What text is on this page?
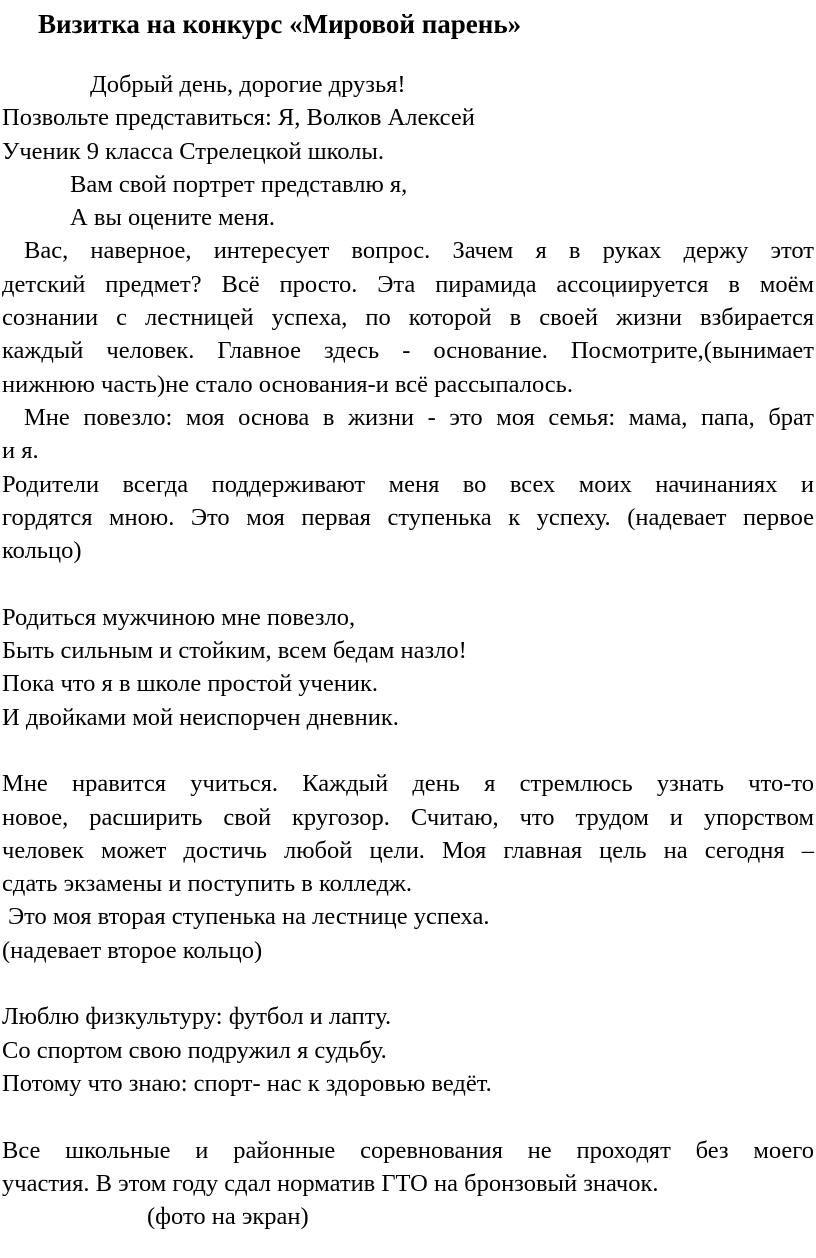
Визитка на конкурс «Мировой парень»
Добрый день, дорогие друзья!
Позвольте представиться: Я, Волков Алексей
Ученик 9 класса Стрелецкой школы.
Вам свой портрет представлю я,
А вы оцените меня.
Вас, наверное, интересует вопрос. Зачем я в руках держу этот
детский предмет? Всё просто. Эта пирамида ассоциируется в моём
сознании с лестницей успеха, по которой в своей жизни взбирается
каждый человек. Главное здесь - основание. Посмотрите,(вынимает
нижнюю часть)не стало основания-и всё рассыпалось.
Мне повезло: моя основа в жизни - это моя семья: мама, папа, брат
и я.
Родители всегда поддерживают меня во всех моих начинаниях и
гордятся мною. Это моя первая ступенька к успеху. (надевает первое
кольцо)
Родиться мужчиною мне повезло,
Быть сильным и стойким, всем бедам назло!
Пока что я в школе простой ученик.
И двойками мой неиспорчен дневник.
Мне нравится учиться. Каждый день я стремлюсь узнать что-то
новое, расширить свой кругозор. Считаю, что трудом и упорством
человек может достичь любой цели. Моя главная цель на сегодня –
сдать экзамены и поступить в колледж.
Это моя вторая ступенька на лестнице успеха.
(надевает второе кольцо)
Люблю физкультуру: футбол и лапту.
Со спортом свою подружил я судьбу.
Потому что знаю: спорт- нас к здоровью ведёт.
Все школьные и районные соревнования не проходят без моего
участия. В этом году сдал норматив ГТО на бронзовый значок.
(фото на экран)
